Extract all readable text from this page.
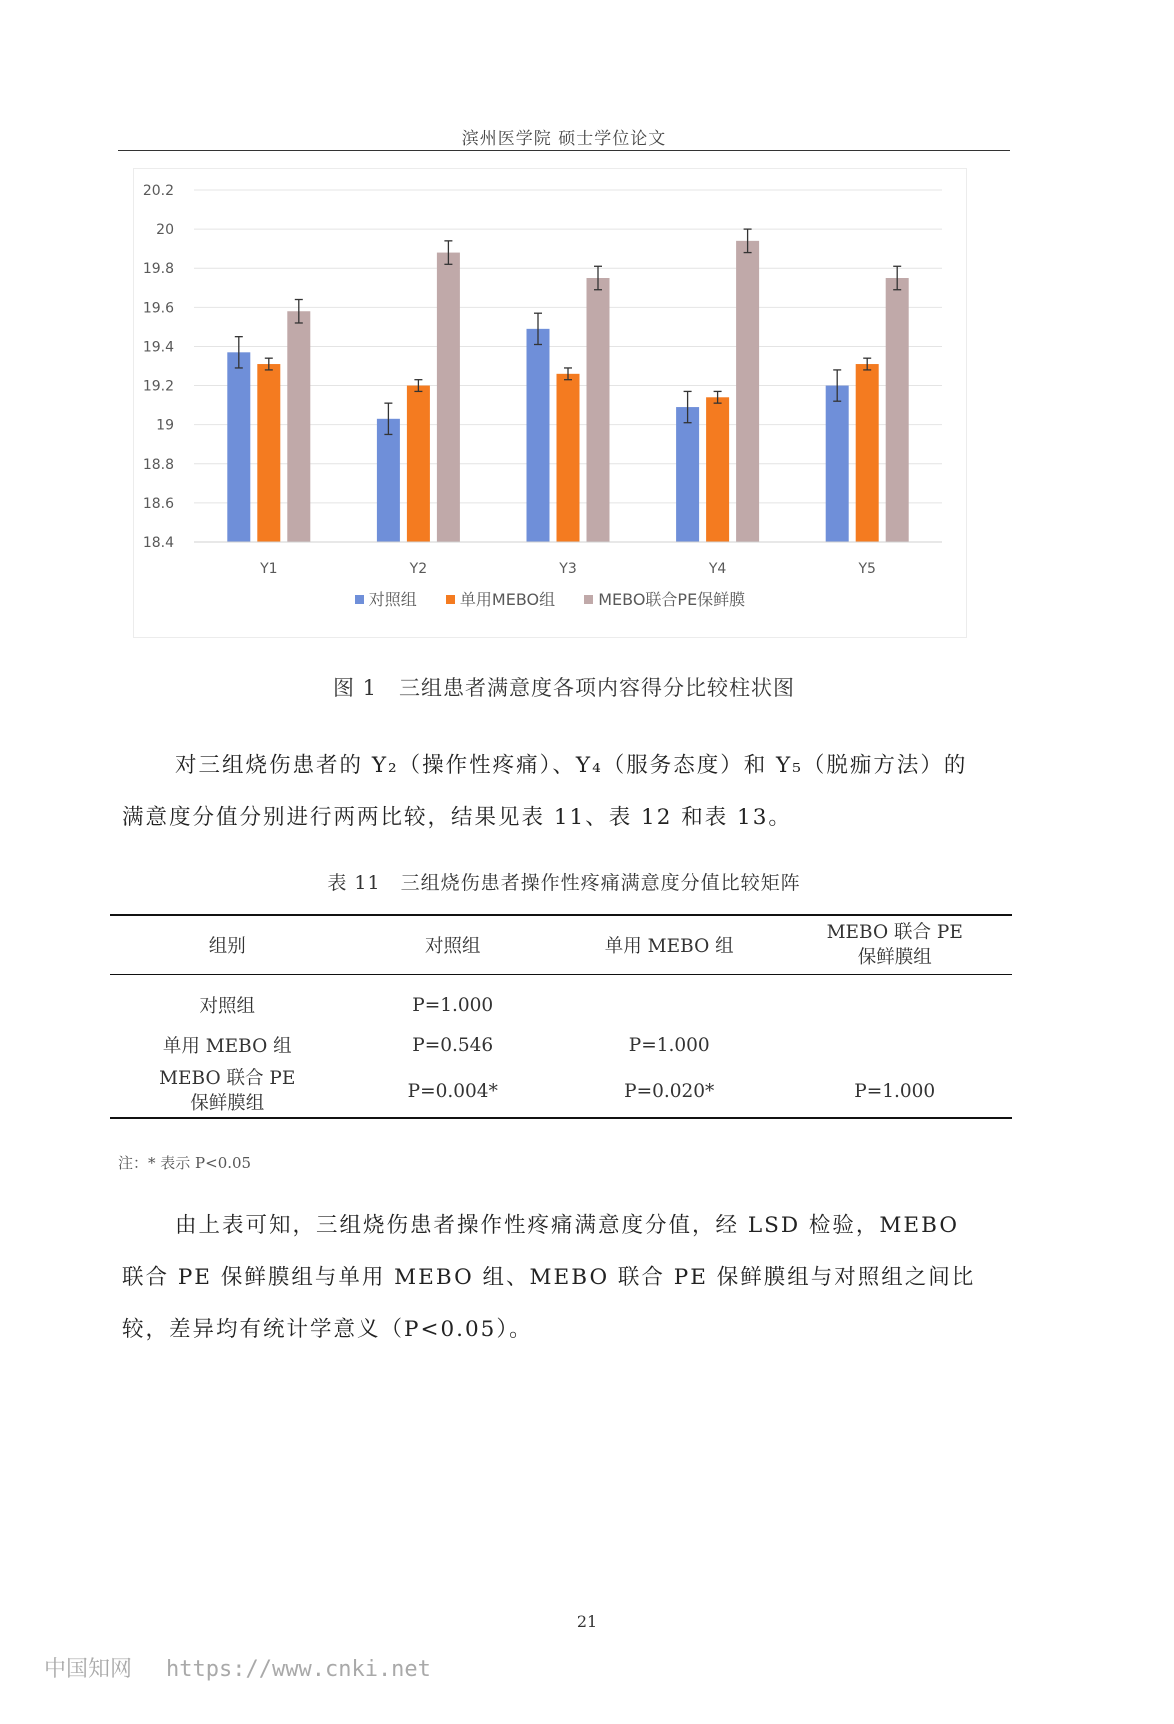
滨州医学院 硕士学位论文
18.4
18.6
18.8
19
19.2
19.4
19.6
19.8
20
20.2
Y1	Y2	Y3	Y4	Y5
对照组	单用MEBO组	MEBO联合PE保鲜膜
图 1　三组患者满意度各项内容得分比较柱状图

对三组烧伤患者的 Y₂（操作性疼痛）、Y₄（服务态度）和 Y₅（脱痂方法）的满意度分值分别进行两两比较，结果见表 11、表 12 和表 13。

表 11　三组烧伤患者操作性疼痛满意度分值比较矩阵
组别	对照组	单用 MEBO 组	MEBO 联合 PE
保鲜膜组

对照组	P=1.000		
单用 MEBO 组	P=0.546	P=1.000	

MEBO 联合 PE
保鲜膜组	P=0.004*	P=0.020*	P=1.000
注：* 表示 P<0.05

由上表可知，三组烧伤患者操作性疼痛满意度分值，经 LSD 检验，MEBO 联合 PE 保鲜膜组与单用 MEBO 组、MEBO 联合 PE 保鲜膜组与对照组之间比较，差异均有统计学意义（P<0.05）。

21
中国知网 https://www.cnki.net
